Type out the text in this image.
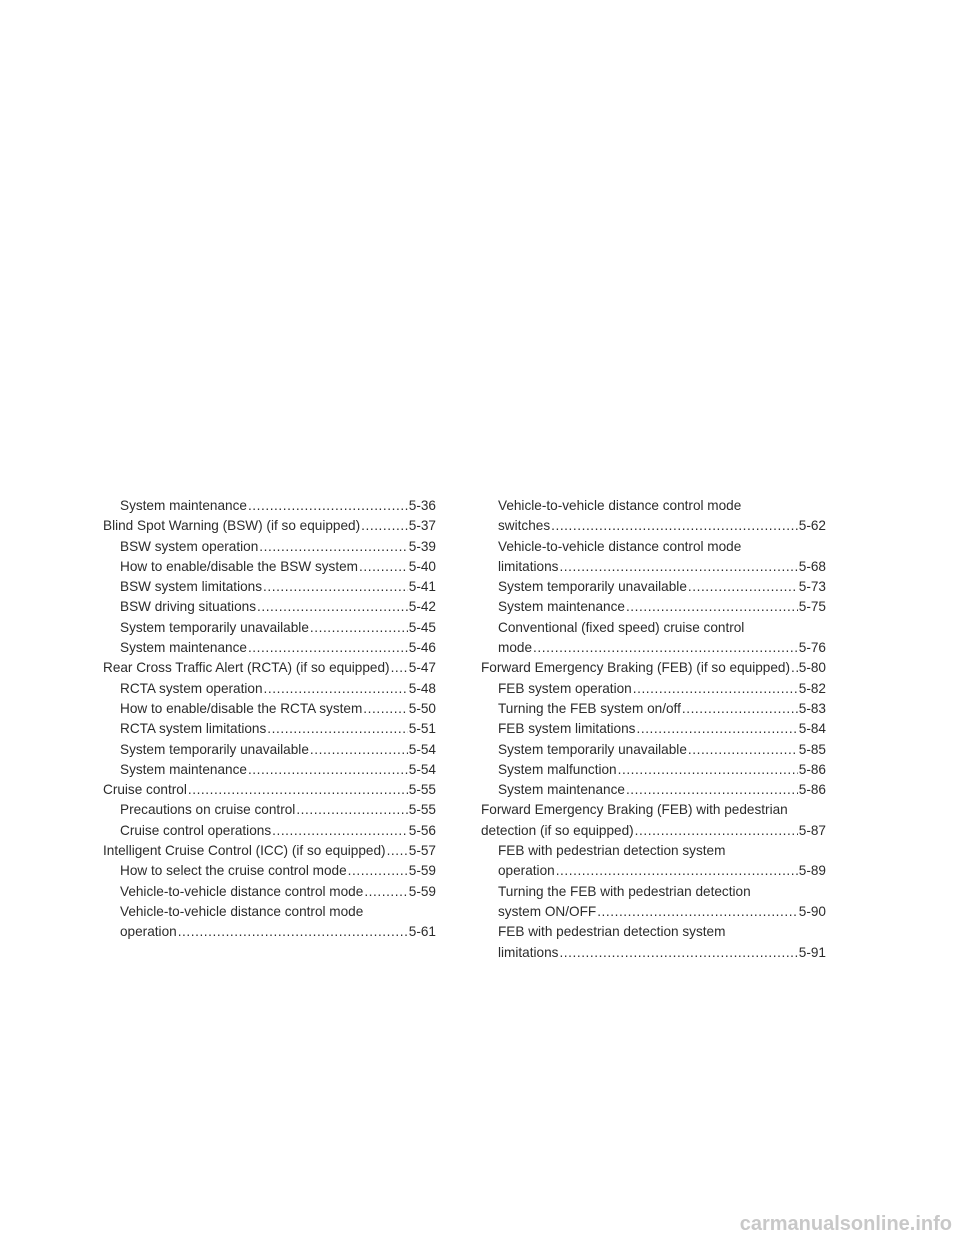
System maintenance . . .	5-36
Blind Spot Warning (BSW) (if so equipped) . . .	5-37
BSW system operation . . .	5-39
How to enable/disable the BSW system . . .	5-40
BSW system limitations . . .	5-41
BSW driving situations . . .	5-42
System temporarily unavailable . . .	5-45
System maintenance . . .	5-46
Rear Cross Traffic Alert (RCTA) (if so equipped) . . . 5-47
RCTA system operation . . .	5-48
How to enable/disable the RCTA system . . .	5-50
RCTA system limitations . . .	5-51
System temporarily unavailable . . .	5-54
System maintenance . . .	5-54
Cruise control . . .	5-55
Precautions on cruise control . . .	5-55
Cruise control operations . . .	5-56
Intelligent Cruise Control (ICC) (if so equipped) . . . 5-57
How to select the cruise control mode . . .	5-59
Vehicle-to-vehicle distance control mode . . .	5-59
Vehicle-to-vehicle distance control mode
operation . . .	5-61
Vehicle-to-vehicle distance control mode
switches . . .	5-62
Vehicle-to-vehicle distance control mode
limitations . . .	5-68
System temporarily unavailable . . .	5-73
System maintenance . . .	5-75
Conventional (fixed speed) cruise control
mode . . .	5-76
Forward Emergency Braking (FEB) (if so equipped) . . . 5-80
FEB system operation . . .	5-82
Turning the FEB system on/off . . .	5-83
FEB system limitations . . .	5-84
System temporarily unavailable . . .	5-85
System malfunction . . .	5-86
System maintenance . . .	5-86
Forward Emergency Braking (FEB) with pedestrian
detection (if so equipped) . . .	5-87
FEB with pedestrian detection system
operation . . .	5-89
Turning the FEB with pedestrian detection
system ON/OFF . . .	5-90
FEB with pedestrian detection system
limitations . . .	5-91
carmanualsonline.info
